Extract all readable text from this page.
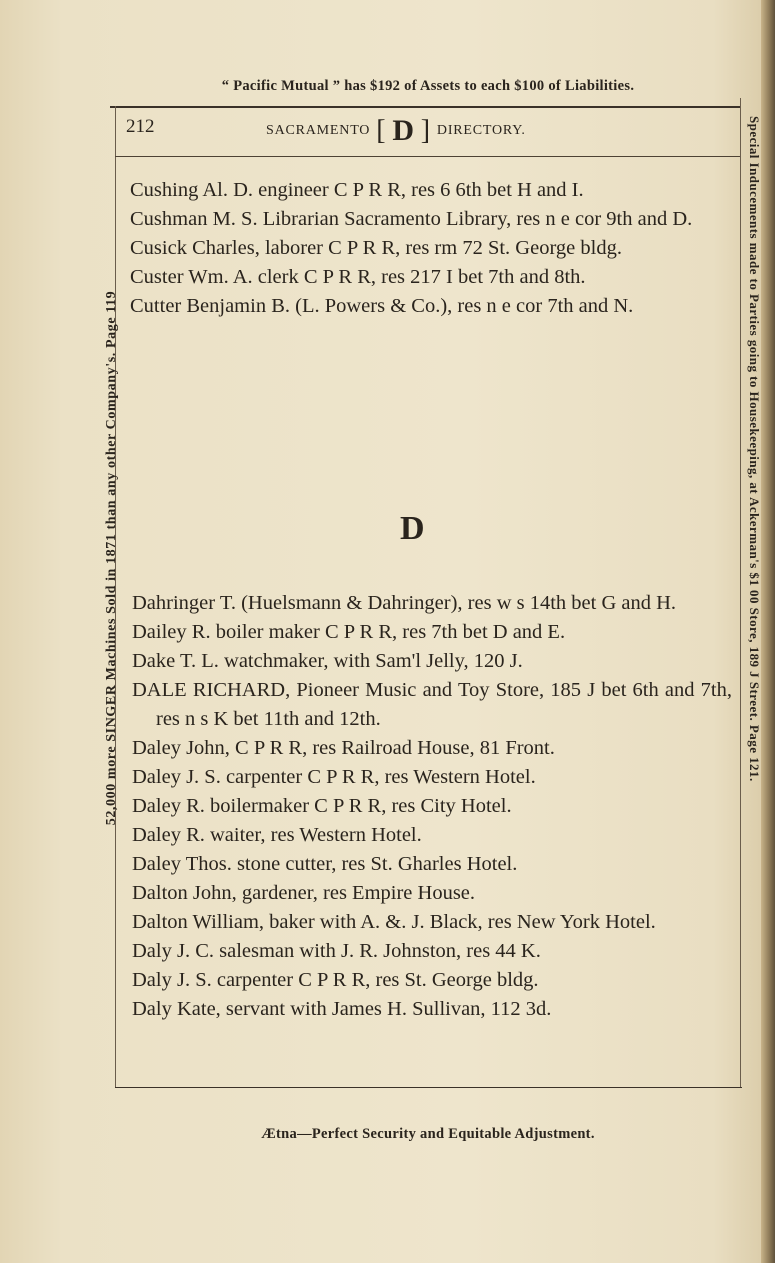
“ Pacific Mutual ” has $192 of Assets to each $100 of Liabilities.
212	SACRAMENTO [ D ] DIRECTORY.
52,000 more SINGER Machines Sold in 1871 than any other Company's. Page 119	Special Inducements made to Parties going to Housekeeping, at Ackerman's $1 00 Store, 189 J Street. Page 121.

Cushing Al. D. engineer C P R R, res 6 6th bet H and I.

Cushman M. S. Librarian Sacramento Library, res n e cor 9th and D.

Cusick Charles, laborer C P R R, res rm 72 St. George bldg.

Custer Wm. A. clerk C P R R, res 217 I bet 7th and 8th.

Cutter Benjamin B. (L. Powers & Co.), res n e cor 7th and N.

D

Dahringer T. (Huelsmann & Dahringer), res w s 14th bet G and H.

Dailey R. boiler maker C P R R, res 7th bet D and E.

Dake T. L. watchmaker, with Sam'l Jelly, 120 J.

DALE RICHARD, Pioneer Music and Toy Store, 185 J bet 6th and 7th, res n s K bet 11th and 12th.

Daley John, C P R R, res Railroad House, 81 Front.

Daley J. S. carpenter C P R R, res Western Hotel.

Daley R. boilermaker C P R R, res City Hotel.

Daley R. waiter, res Western Hotel.

Daley Thos. stone cutter, res St. Gharles Hotel.

Dalton John, gardener, res Empire House.

Dalton William, baker with A. &. J. Black, res New York Hotel.

Daly J. C. salesman with J. R. Johnston, res 44 K.

Daly J. S. carpenter C P R R, res St. George bldg.

Daly Kate, servant with James H. Sullivan, 112 3d.

Ætna—Perfect Security and Equitable Adjustment.
